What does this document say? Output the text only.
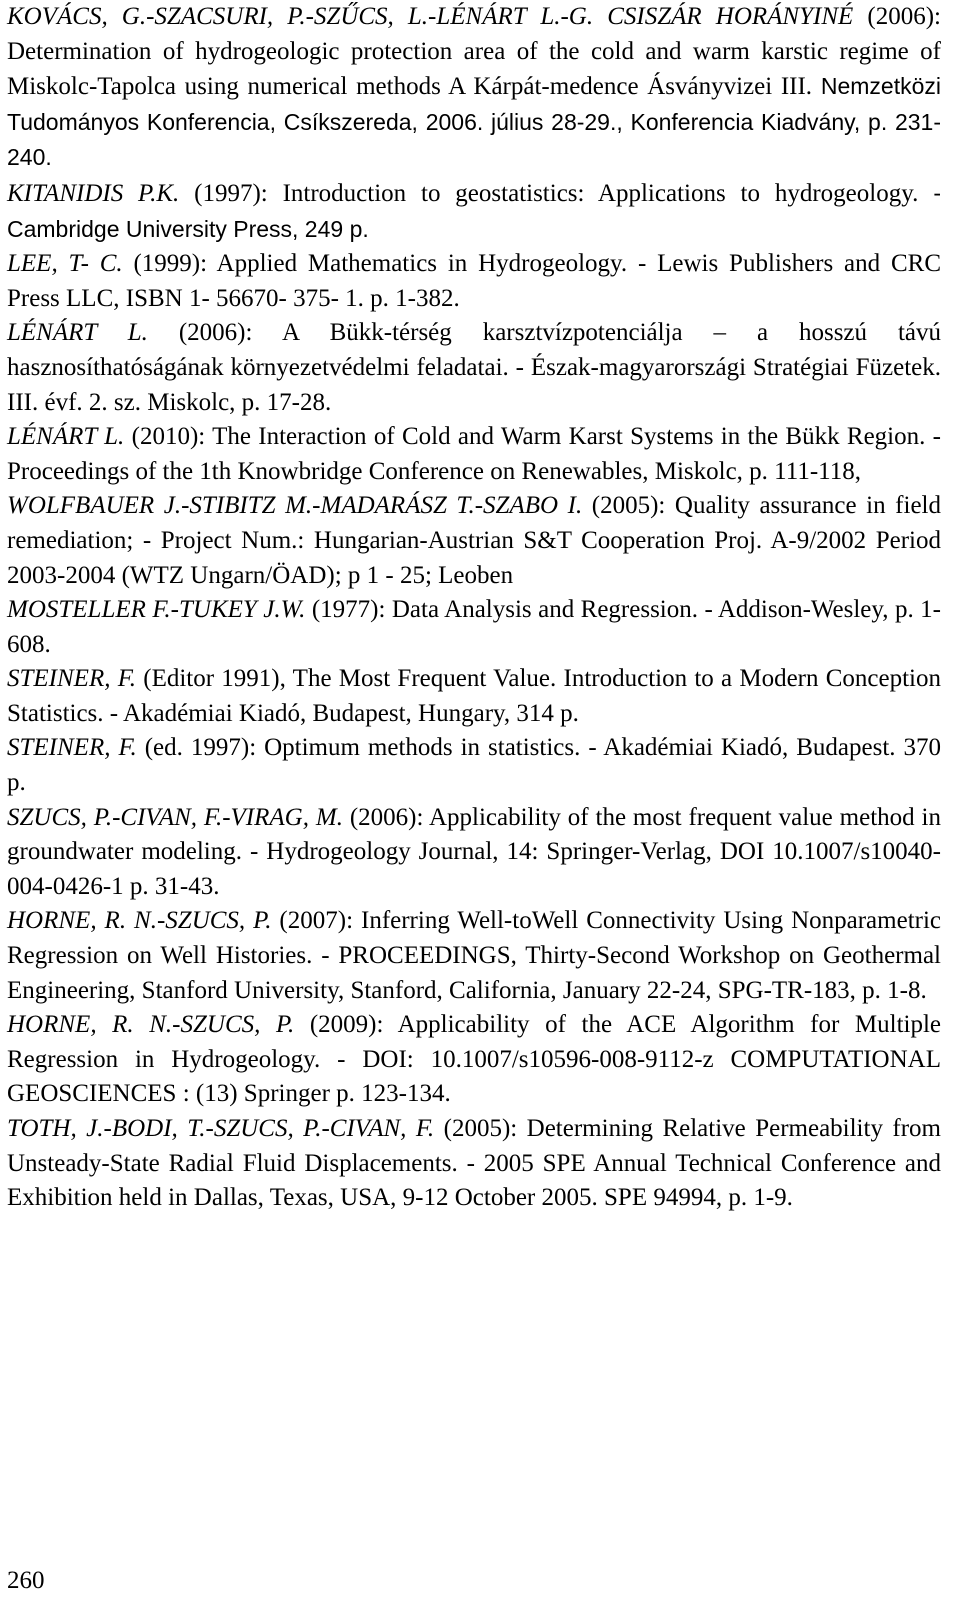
KOVÁCS, G.-SZACSURI, P.-SZŰCS, L.-LÉNÁRT L.-G. CSISZÁR HORÁNYINÉ (2006): Determination of hydrogeologic protection area of the cold and warm karstic regime of Miskolc-Tapolca using numerical methods A Kárpát-medence Ásványvizei III. Nemzetközi Tudományos Konferencia, Csíkszereda, 2006. július 28-29., Konferencia Kiadvány, p. 231-240.

KITANIDIS P.K. (1997): Introduction to geostatistics: Applications to hydrogeology. - Cambridge University Press, 249 p.

LEE, T- C. (1999): Applied Mathematics in Hydrogeology. - Lewis Publishers and CRC Press LLC, ISBN 1- 56670- 375- 1. p. 1-382.

LÉNÁRT L. (2006): A Bükk-térség karsztvízpotenciálja – a hosszú távú hasznosíthatóságának környezetvédelmi feladatai. - Észak-magyarországi Stratégiai Füzetek. III. évf. 2. sz. Miskolc, p. 17-28.

LÉNÁRT L. (2010): The Interaction of Cold and Warm Karst Systems in the Bükk Region. - Proceedings of the 1th Knowbridge Conference on Renewables, Miskolc, p. 111-118,

WOLFBAUER J.-STIBITZ M.-MADARÁSZ T.-SZABO I. (2005): Quality assurance in field remediation; - Project Num.: Hungarian-Austrian S&T Cooperation Proj. A-9/2002 Period 2003-2004 (WTZ Ungarn/ÖAD); p 1 - 25; Leoben

MOSTELLER F.-TUKEY J.W. (1977): Data Analysis and Regression. - Addison-Wesley, p. 1-608.

STEINER, F. (Editor 1991), The Most Frequent Value. Introduction to a Modern Conception Statistics. - Akadémiai Kiadó, Budapest, Hungary, 314 p.

STEINER, F. (ed. 1997): Optimum methods in statistics. - Akadémiai Kiadó, Budapest. 370 p.

SZUCS, P.-CIVAN, F.-VIRAG, M. (2006): Applicability of the most frequent value method in groundwater modeling. - Hydrogeology Journal, 14: Springer-Verlag, DOI 10.1007/s10040-004-0426-1 p. 31-43.

HORNE, R. N.-SZUCS, P. (2007): Inferring Well-toWell Connectivity Using Nonparametric Regression on Well Histories. - PROCEEDINGS, Thirty-Second Workshop on Geothermal Engineering, Stanford University, Stanford, California, January 22-24, SPG-TR-183, p. 1-8.

HORNE, R. N.-SZUCS, P. (2009): Applicability of the ACE Algorithm for Multiple Regression in Hydrogeology. - DOI: 10.1007/s10596-008-9112-z COMPUTATIONAL GEOSCIENCES : (13) Springer p. 123-134.

TOTH, J.-BODI, T.-SZUCS, P.-CIVAN, F. (2005): Determining Relative Permeability from Unsteady-State Radial Fluid Displacements. - 2005 SPE Annual Technical Conference and Exhibition held in Dallas, Texas, USA, 9-12 October 2005. SPE 94994, p. 1-9.

260
